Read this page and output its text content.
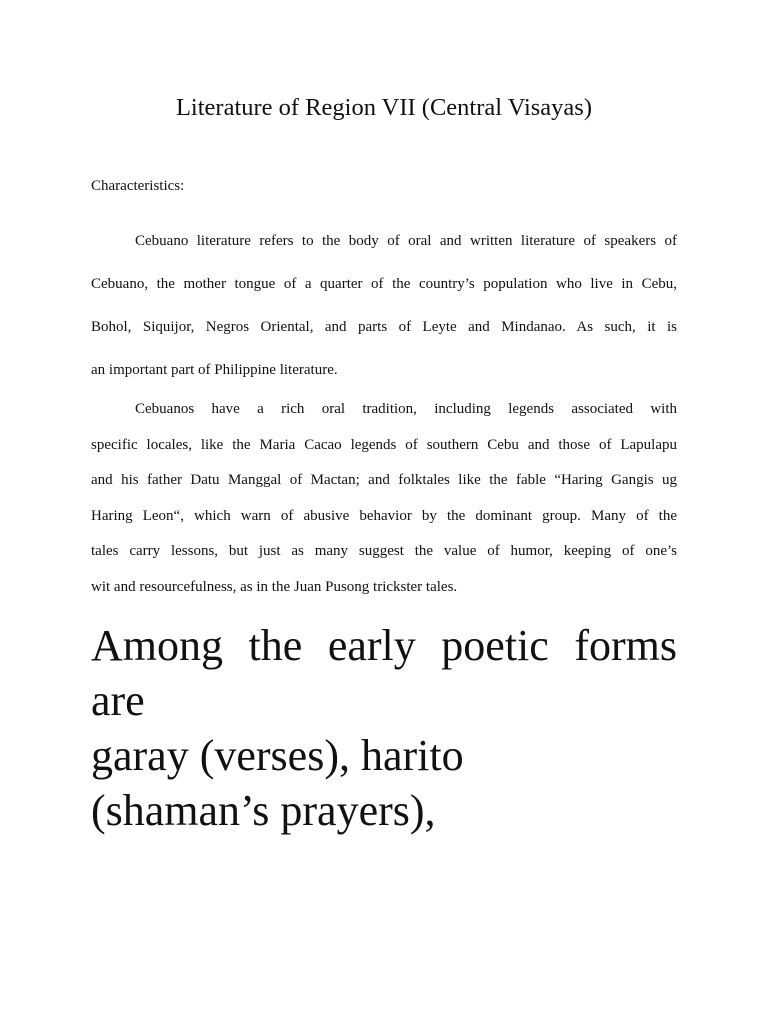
Literature of Region VII (Central Visayas)

Characteristics:

Cebuano literature refers to the body of oral and written literature of speakers of
Cebuano, the mother tongue of a quarter of the country’s population who live in Cebu,
Bohol, Siquijor, Negros Oriental, and parts of Leyte and Mindanao. As such, it is
an important part of Philippine literature.
Cebuanos have a rich oral tradition, including legends associated with
specific locales, like the Maria Cacao legends of southern Cebu and those of Lapulapu
and his father Datu Manggal of Mactan; and folktales like the fable “Haring Gangis ug
Haring Leon“, which warn of abusive behavior by the dominant group. Many of the
tales carry lessons, but just as many suggest the value of humor, keeping of one’s
wit and resourcefulness, as in the Juan Pusong trickster tales.
Among the early poetic forms
are
garay (verses), harito
(shaman’s prayers),
